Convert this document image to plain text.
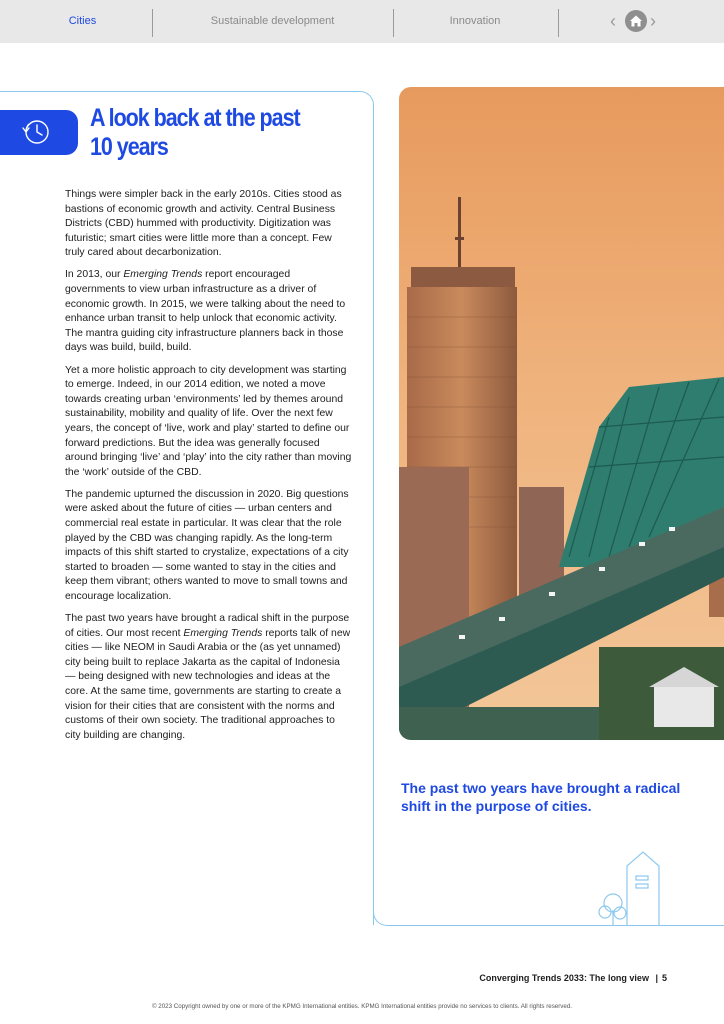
Cities	Sustainable development	Innovation	‹ ›
A look back at the past
10 years

Things were simpler back in the early 2010s. Cities stood as bastions of economic growth and activity. Central Business Districts (CBD) hummed with productivity. Digitization was futuristic; smart cities were little more than a concept. Few truly cared about decarbonization.

In 2013, our Emerging Trends report encouraged governments to view urban infrastructure as a driver of economic growth. In 2015, we were talking about the need to enhance urban transit to help unlock that economic activity. The mantra guiding city infrastructure planners back in those days was build, build, build.

Yet a more holistic approach to city development was starting to emerge. Indeed, in our 2014 edition, we noted a move towards creating urban ‘environments’ led by themes around sustainability, mobility and quality of life. Over the next few years, the concept of ‘live, work and play’ started to define our forward predictions. But the idea was generally focused around bringing ‘live’ and ‘play’ into the city rather than moving the ‘work’ outside of the CBD.

The pandemic upturned the discussion in 2020. Big questions were asked about the future of cities — urban centers and commercial real estate in particular. It was clear that the role played by the CBD was changing rapidly. As the long-term impacts of this shift started to crystalize, expectations of a city started to broaden — some wanted to stay in the cities and keep them vibrant; others wanted to move to small towns and encourage localization.

The past two years have brought a radical shift in the purpose of cities. Our most recent Emerging Trends reports talk of new cities — like NEOM in Saudi Arabia or the (as yet unnamed) city being built to replace Jakarta as the capital of Indonesia — being designed with new technologies and ideas at the core. At the same time, governments are starting to create a vision for their cities that are consistent with the norms and customs of their own society. The traditional approaches to city building are changing.

The past two years have brought a radical shift in the purpose of cities.
Converging Trends 2033: The long view | 5
© 2023 Copyright owned by one or more of the KPMG International entities. KPMG International entities provide no services to clients. All rights reserved.
